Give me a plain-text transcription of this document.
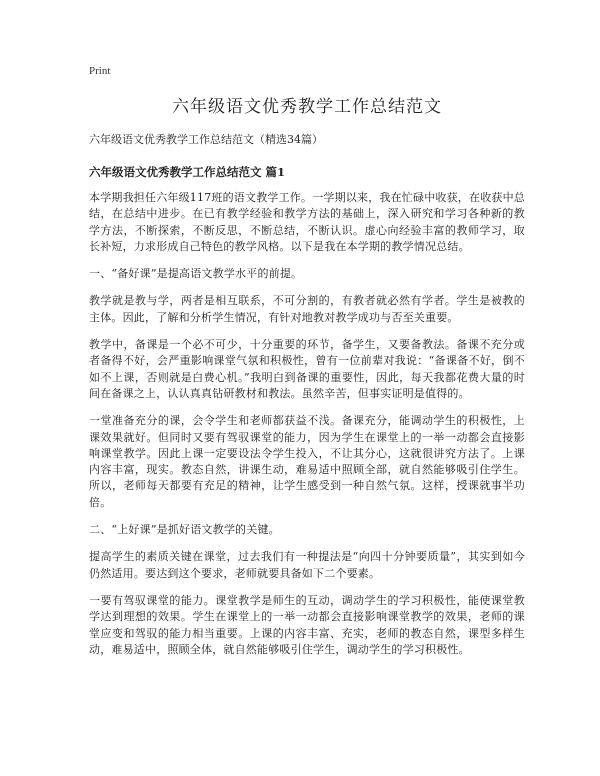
Print
六年级语文优秀教学工作总结范文
六年级语文优秀教学工作总结范文（精选34篇）
六年级语文优秀教学工作总结范文 篇1

本学期我担任六年级117班的语文教学工作。一学期以来，我在忙碌中收获，在收获中总结，在总结中进步。在已有教学经验和教学方法的基础上，深入研究和学习各种新的教学方法，不断探索，不断反思，不断总结，不断认识。虚心向经验丰富的教师学习，取长补短，力求形成自己特色的教学风格。以下是我在本学期的教学情况总结。

一、“备好课”是提高语文教学水平的前提。

教学就是教与学，两者是相互联系，不可分割的，有教者就必然有学者。学生是被教的主体。因此，了解和分析学生情况，有针对地教对教学成功与否至关重要。

教学中，备课是一个必不可少，十分重要的环节，备学生，又要备教法。备课不充分或者备得不好，会严重影响课堂气氛和积极性，曾有一位前辈对我说：“备课备不好，倒不如不上课，否则就是白费心机。”我明白到备课的重要性，因此，每天我都花费大量的时间在备课之上，认认真真钻研教材和教法。虽然辛苦，但事实证明是值得的。

一堂准备充分的课，会令学生和老师都获益不浅。备课充分，能调动学生的积极性，上课效果就好。但同时又要有驾驭课堂的能力，因为学生在课堂上的一举一动都会直接影响课堂教学。因此上课一定要设法令学生投入，不让其分心，这就很讲究方法了。上课内容丰富，现实。教态自然，讲课生动，难易适中照顾全部，就自然能够吸引住学生。所以，老师每天都要有充足的精神，让学生感受到一种自然气氛。这样，授课就事半功倍。

二、“上好课”是抓好语文教学的关键。

提高学生的素质关键在课堂，过去我们有一种提法是“向四十分钟要质量”，其实到如今仍然适用。要达到这个要求，老师就要具备如下二个要素。

一要有驾驭课堂的能力。课堂教学是师生的互动，调动学生的学习积极性，能使课堂教学达到理想的效果。学生在课堂上的一举一动都会直接影响课堂教学的效果，老师的课堂应变和驾驭的能力相当重要。上课的内容丰富、充实，老师的教态自然，课型多样生动，难易适中，照顾全体，就自然能够吸引住学生，调动学生的学习积极性。
